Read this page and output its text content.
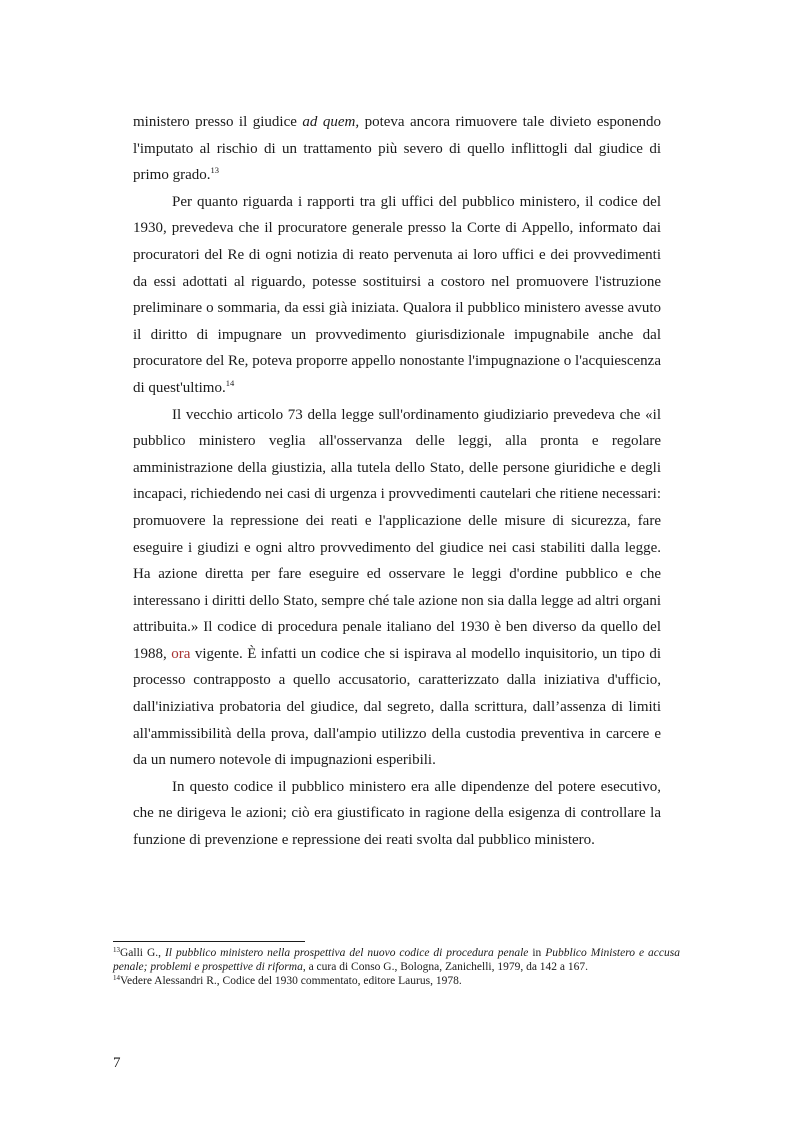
ministero presso il giudice ad quem, poteva ancora rimuovere tale divieto esponendo l'imputato al rischio di un trattamento più severo di quello inflittogli dal giudice di primo grado.$^{13}$

Per quanto riguarda i rapporti tra gli uffici del pubblico ministero, il codice del 1930, prevedeva che il procuratore generale presso la Corte di Appello, informato dai procuratori del Re di ogni notizia di reato pervenuta ai loro uffici e dei provvedimenti da essi adottati al riguardo, potesse sostituirsi a costoro nel promuovere l'istruzione preliminare o sommaria, da essi già iniziata. Qualora il pubblico ministero avesse avuto il diritto di impugnare un provvedimento giurisdizionale impugnabile anche dal procuratore del Re, poteva proporre appello nonostante l'impugnazione o l'acquiescenza di quest'ultimo.$^{14}$

Il vecchio articolo 73 della legge sull'ordinamento giudiziario prevedeva che «il pubblico ministero veglia all'osservanza delle leggi, alla pronta e regolare amministrazione della giustizia, alla tutela dello Stato, delle persone giuridiche e degli incapaci, richiedendo nei casi di urgenza i provvedimenti cautelari che ritiene necessari: promuovere la repressione dei reati e l'applicazione delle misure di sicurezza, fare eseguire i giudizi e ogni altro provvedimento del giudice nei casi stabiliti dalla legge. Ha azione diretta per fare eseguire ed osservare le leggi d'ordine pubblico e che interessano i diritti dello Stato, sempre ché tale azione non sia dalla legge ad altri organi attribuita.» Il codice di procedura penale italiano del 1930 è ben diverso da quello del 1988, ora vigente. È infatti un codice che si ispirava al modello inquisitorio, un tipo di processo contrapposto a quello accusatorio, caratterizzato dalla iniziativa d'ufficio, dall'iniziativa probatoria del giudice, dal segreto, dalla scrittura, dall’assenza di limiti all'ammissibilità della prova, dall'ampio utilizzo della custodia preventiva in carcere e da un numero notevole di impugnazioni esperibili.

In questo codice il pubblico ministero era alle dipendenze del potere esecutivo, che ne dirigeva le azioni; ciò era giustificato in ragione della esigenza di controllare la funzione di prevenzione e repressione dei reati svolta dal pubblico ministero.

$^{13}$Galli G., Il pubblico ministero nella prospettiva del nuovo codice di procedura penale in Pubblico Ministero e accusa penale; problemi e prospettive di riforma, a cura di Conso G., Bologna, Zanichelli, 1979, da 142 a 167.

$^{14}$Vedere Alessandri R., Codice del 1930 commentato, editore Laurus, 1978.

7
